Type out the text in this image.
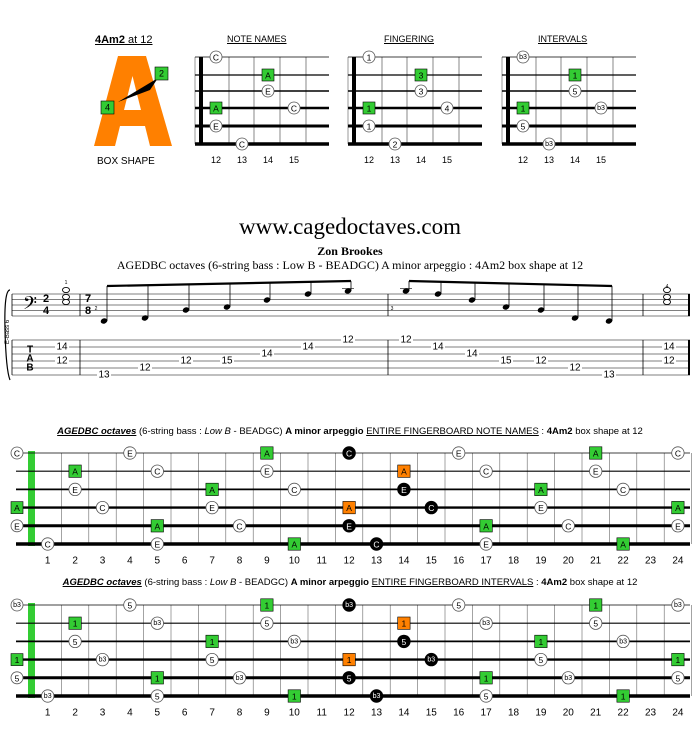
4Am2 at 12
2
4
12 13 14 15
C
A
E
A	C
E
C
12 13 14 15
1
3
3
1	4
1
2
12 13 14 15
b3
1
5
1	b3
5
b3
E-Bass 6
𝄢 2
4
7
8
1
2	3
T
A
B
14
12
13
12
12	15
14
14
12	12
14
14
15 12
12
13
14
12
C
A
E
E	A	C	E	A	C
A	C	E	A	C	E
E	A	C	E	A	C
C	E	A	C	E	A
A	C	E	A	C	E
C	E	A	C	E	A
1 2 3 4 5 6 7 8 9 10 11 12 13 14 15 16 17 18 19 20 21 22 23 24
b3
1
5
5	1	b3	5	1	b3
1	b3	5	1	b3	5
5	1	b3	5	1	b3
b3	5	1	b3	5	1
1	b3	5	1	b3	5
b3	5	1	b3	5	1
1 2 3 4 5 6 7 8 9 10 11 12 13 14 15 16 17 18 19 20 21 22 23 24
BOX SHAPE
NOTE NAMES	FINGERING	INTERVALS
www.cagedoctaves.com
Zon Brookes
AGEDBC octaves (6-string bass : Low B - BEADGC) A minor arpeggio : 4Am2 box shape at 12
AGEDBC octaves (6-string bass : Low B - BEADGC) A minor arpeggio ENTIRE FINGERBOARD NOTE NAMES : 4Am2 box shape at 12
AGEDBC octaves (6-string bass : Low B - BEADGC) A minor arpeggio ENTIRE FINGERBOARD INTERVALS : 4Am2 box shape at 12
